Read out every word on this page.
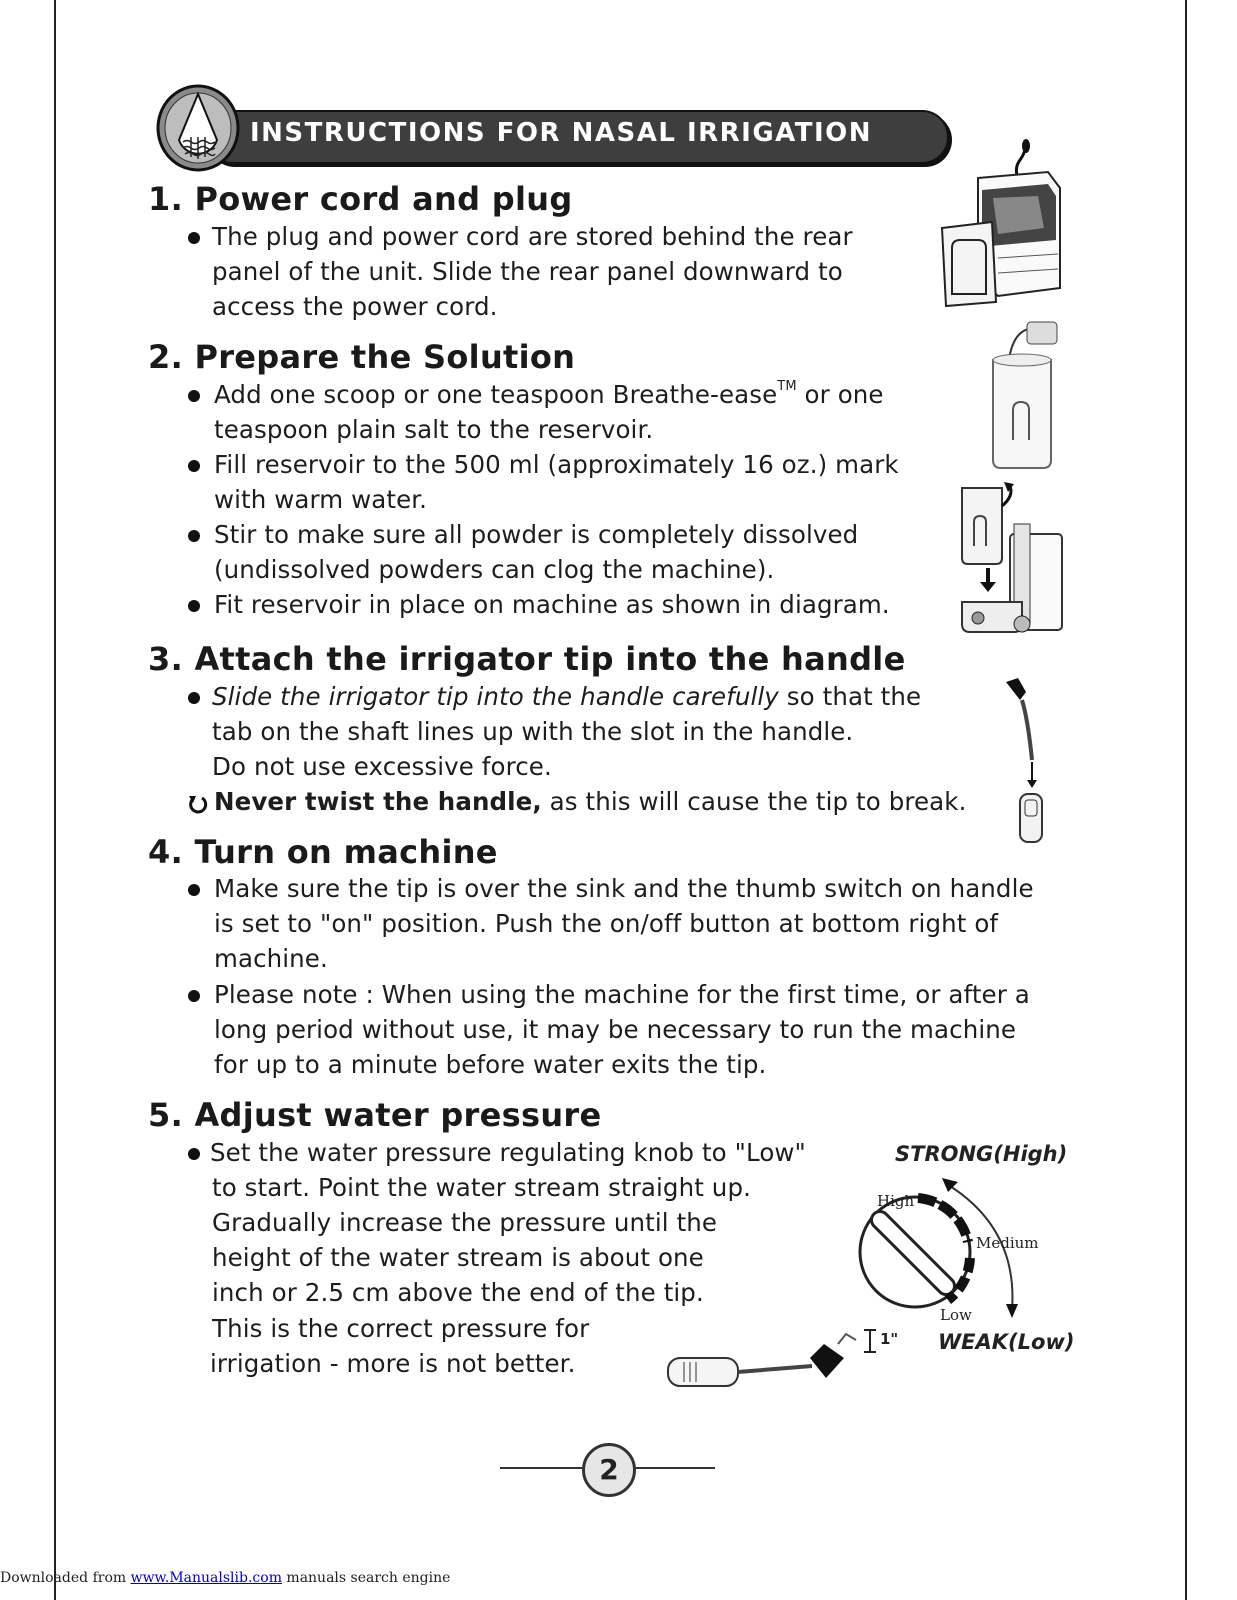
INSTRUCTIONS FOR NASAL IRRIGATION
1. Power cord and plug
The plug and power cord are stored behind the rear
panel of the unit. Slide the rear panel downward to
access the power cord.
2. Prepare the Solution
Add one scoop or one teaspoon Breathe-ease™ or one
teaspoon plain salt to the reservoir.
Fill reservoir to the 500 ml (approximately 16 oz.) mark
with warm water.
Stir to make sure all powder is completely dissolved
(undissolved powders can clog the machine).
Fit reservoir in place on machine as shown in diagram.
3. Attach the irrigator tip into the handle
Slide the irrigator tip into the handle carefully so that the
tab on the shaft lines up with the slot in the handle.
Do not use excessive force.
Never twist the handle, as this will cause the tip to break.
4. Turn on machine
Make sure the tip is over the sink and the thumb switch on handle
is set to "on" position. Push the on/off button at bottom right of
machine.
Please note : When using the machine for the first time, or after a
long period without use, it may be necessary to run the machine
for up to a minute before water exits the tip.
5. Adjust water pressure
Set the water pressure regulating knob to "Low"
to start. Point the water stream straight up.
Gradually increase the pressure until the
height of the water stream is about one
inch or 2.5 cm above the end of the tip.
This is the correct pressure for
irrigation - more is not better.
High
Medium
Low
STRONG(High)
WEAK(Low)
1"
2
Downloaded from www.Manualslib.com manuals search engine
